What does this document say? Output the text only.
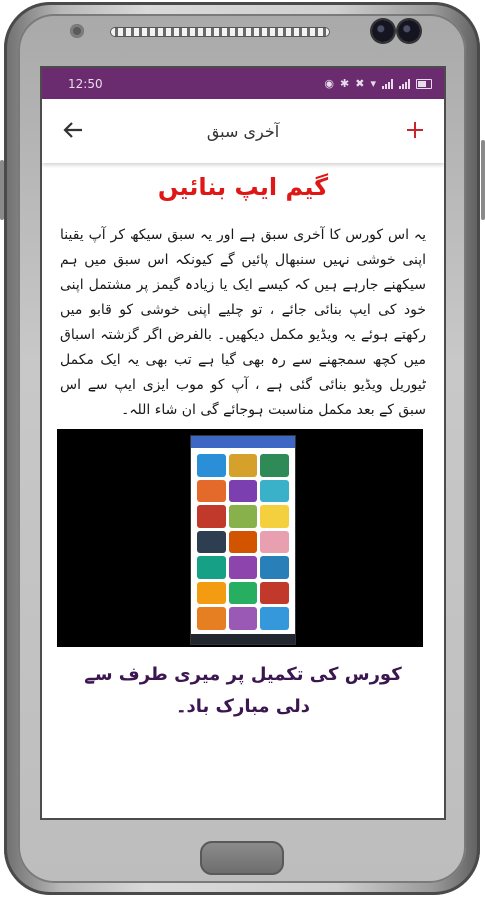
12:50	◉ ✱ ✖ ▾
آخری سبق
گیم ایپ بنائیں

یہ اس کورس کا آخری سبق ہے اور یہ سبق سیکھ کر آپ یقینا اپنی خوشی نہیں سنبھال پائیں گے کیونکہ اس سبق میں ہم سیکھنے جارہے ہیں کہ کیسے ایک یا زیادہ گیمز پر مشتمل اپنی خود کی ایپ بنائی جائے ، تو چلیے اپنی خوشی کو قابو میں رکھتے ہوئے یہ ویڈیو مکمل دیکھیں۔ بالفرض اگر گزشتہ اسباق میں کچھ سمجھنے سے رہ بھی گیا ہے تب بھی یہ ایک مکمل ٹیوریل ویڈیو بنائی گئی ہے ، آپ کو موب ایزی ایپ سے اس سبق کے بعد مکمل مناسبت ہوجائے گی ان شاء اللہ۔

کورس کی تکمیل پر میری طرف سے دلی مبارک باد۔
